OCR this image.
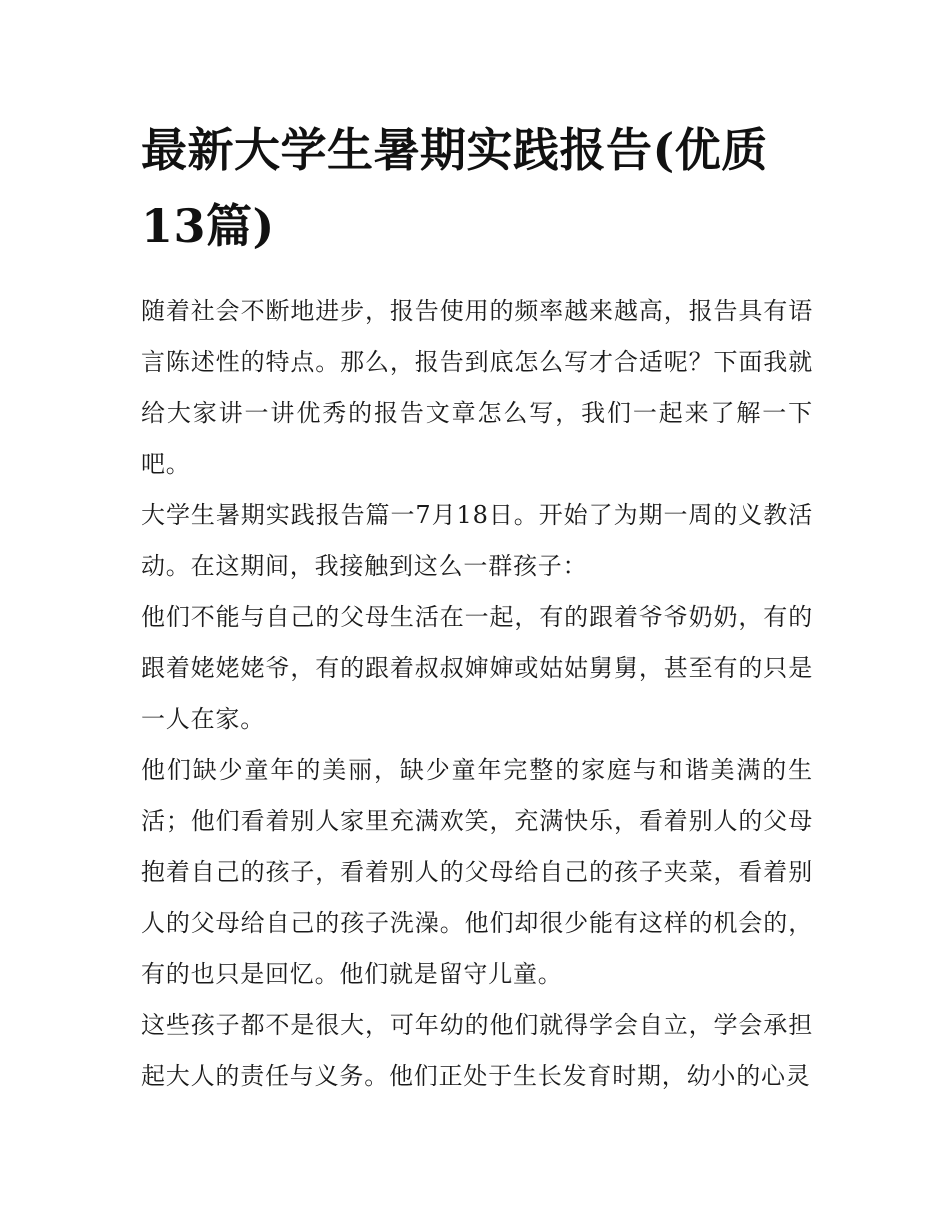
最新大学生暑期实践报告(优质13篇)

随着社会不断地进步，报告使用的频率越来越高，报告具有语言陈述性的特点。那么，报告到底怎么写才合适呢？下面我就给大家讲一讲优秀的报告文章怎么写，我们一起来了解一下吧。

大学生暑期实践报告篇一7月18日。开始了为期一周的义教活动。在这期间，我接触到这么一群孩子：

他们不能与自己的父母生活在一起，有的跟着爷爷奶奶，有的跟着姥姥姥爷，有的跟着叔叔婶婶或姑姑舅舅，甚至有的只是一人在家。

他们缺少童年的美丽，缺少童年完整的家庭与和谐美满的生活；他们看着别人家里充满欢笑，充满快乐，看着别人的父母抱着自己的孩子，看着别人的父母给自己的孩子夹菜，看着别人的父母给自己的孩子洗澡。他们却很少能有这样的机会的，有的也只是回忆。他们就是留守儿童。

这些孩子都不是很大，可年幼的他们就得学会自立，学会承担起大人的责任与义务。他们正处于生长发育时期，幼小的心灵
